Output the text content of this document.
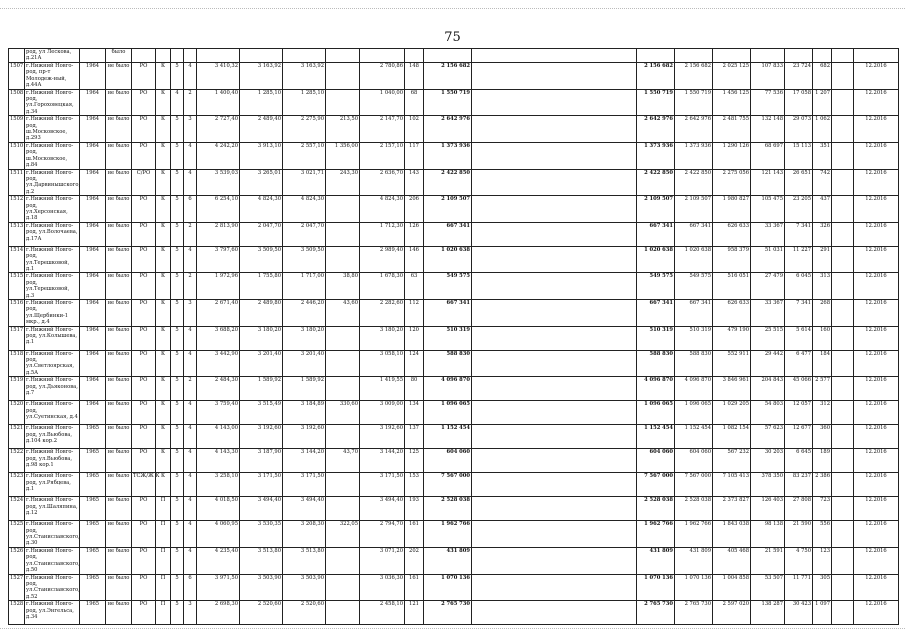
75
	род, ул Лескова, д.21А		было																				
1507	г.Нижний Новго-род, пр-т Молодеж-ный, д.44А	1964	не было	РО	К	5	4	3 410,32	3 163,92	3 163,92		2 780,86	148	2 156 682		2 156 682	2 156 682	2 025 125	107 833	23 724	682		12.2016
1508	г.Нижний Новго-род, ул.Гороховецкая, д.34	1964	не было	РО	К	4	2	1 400,40	1 285,10	1 285,10		1 040,00	68	1 550 719		1 550 719	1 550 719	1 456 125	77 536	17 058	1 207		12.2016
1509	г.Нижний Новго-род, ш.Московское, д.293	1964	не было	РО	К	5	3	2 727,40	2 489,40	2 275,90	213,50	2 147,70	102	2 642 976		2 642 976	2 642 976	2 481 755	132 148	29 073	1 062		12.2016
1510	г.Нижний Новго-род, ш.Московское, д.84	1964	не было	РО	К	5	4	4 242,20	3 913,10	2 557,10	1 356,00	2 157,10	117	1 373 936		1 373 936	1 373 936	1 290 126	68 697	15 113	351		12.2016
1511	г.Нижний Новго-род, ул.Дарвинышского, д.2	1964	не было	С/РО	К	5	4	3 539,03	3 265,01	3 021,71	243,30	2 636,70	143	2 422 850		2 422 850	2 422 850	2 275 056	121 143	26 651	742		12.2016
1512	г.Нижний Новго-род, ул.Херсонская, д.18	1964	не было	РО	К	5	6	6 254,10	4 824,30	4 824,30		4 824,30	206	2 109 507		2 109 507	2 109 507	1 980 827	105 475	23 205	437		12.2016
1513	г.Нижний Новго-род, ул.Волочаева, д.17А	1964	не было	РО	К	5	2	2 813,90	2 047,70	2 047,70		1 712,30	126	667 341		667 341	667 341	626 633	33 367	7 341	326		12.2016
1514	г.Нижний Новго-род, ул.Терешковой, д.1	1964	не было	РО	К	5	4	3 797,60	3 509,50	3 509,50		2 989,40	146	1 020 638		1 020 638	1 020 638	958 379	51 031	11 227	291		12.2016
1515	г.Нижний Новго-род, ул.Терешковой, д.3	1964	не было	РО	К	5	2	1 972,96	1 755,80	1 717,00	38,80	1 678,30	63	549 575		549 575	549 575	516 051	27 479	6 045	313		12.2016
1516	г.Нижний Новго-род, ул.Щербинки-1 мкр., д.4	1964	не было	РО	К	5	3	2 671,40	2 489,80	2 446,20	43,60	2 282,60	112	667 341		667 341	667 341	626 633	33 367	7 341	268		12.2016
1517	г.Нижний Новго-род, ул.Колышева, д.1	1964	не было	РО	К	5	4	3 688,20	3 180,20	3 180,20		3 180,20	120	510 319		510 319	510 319	479 190	25 515	5 614	160		12.2016
1518	г.Нижний Новго-род, ул.Светлоярская, д.5А	1964	не было	РО	К	5	4	3 442,90	3 201,40	3 201,40		3 058,10	124	588 830		588 830	588 830	552 911	29 442	6 477	184		12.2016
1519	г.Нижний Новго-род, ул.Дьяконова, д.7	1964	не было	РО	К	5	2	2 484,30	1 589,92	1 589,92		1 419,55	80	4 096 870		4 096 870	4 096 870	3 846 961	204 843	45 066	2 577		12.2016
1520	г.Нижний Новго-род, ул.Суетинская, д.4	1964	не было	РО	К	5	4	3 759,40	3 515,49	3 184,89	330,60	3 009,00	134	1 096 065		1 096 065	1 096 065	1 029 205	54 803	12 057	312		12.2016
1521	г.Нижний Новго-род, ул.Вьюбова, д.104 кор.2	1965	не было	РО	К	5	4	4 143,00	3 192,60	3 192,60		3 192,60	137	1 152 454		1 152 454	1 152 454	1 082 154	57 623	12 677	360		12.2016
1522	г.Нижний Новго-род, ул.Вьюбова, д.98 кор.1	1965	не было	РО	К	5	4	4 143,30	3 187,90	3 144,20	43,70	3 144,20	125	604 060		604 060	604 060	567 232	30 203	6 645	189		12.2016
1523	г.Нижний Новго-род, ул.Рябцева, д.1	1965	не было	ТСЖ/Ж К	К	5	4	3 258,10	3 171,50	3 171,50		3 171,50	153	7 567 000		7 567 000	7 567 000	7 105 413	378 350	83 237	2 386		12.2016
1524	г.Нижний Новго-род, ул.Шаляпина, д.12	1965	не было	РО	П	5	4	4 018,50	3 494,40	3 494,40		3 494,40	193	2 528 038		2 528 038	2 528 038	2 373 827	126 403	27 808	723		12.2016
1525	г.Нижний Новго-род, ул.Станиславского, д.30	1965	не было	РО	П	5	4	4 060,95	3 530,35	3 208,30	322,05	2 794,70	161	1 962 766		1 962 766	1 962 766	1 843 038	98 138	21 590	556		12.2016
1526	г.Нижний Новго-род, ул.Станиславского, д.50	1965	не было	РО	П	5	4	4 235,40	3 513,80	3 513,80		3 071,20	202	431 809		431 809	431 809	405 468	21 591	4 750	123		12.2016
1527	г.Нижний Новго-род, ул.Станиславского, д.52	1965	не было	РО	П	5	6	3 971,50	3 503,90	3 503,90		3 036,30	161	1 070 136		1 070 136	1 070 136	1 004 858	53 507	11 771	305		12.2016
1528	г.Нижний Новго-род, ул.Энгельса, д.34	1965	не было	РО	П	5	3	2 698,30	2 520,60	2 520,60		2 458,10	121	2 765 730		2 765 730	2 765 730	2 597 020	138 287	30 423	1 097		12.2016
